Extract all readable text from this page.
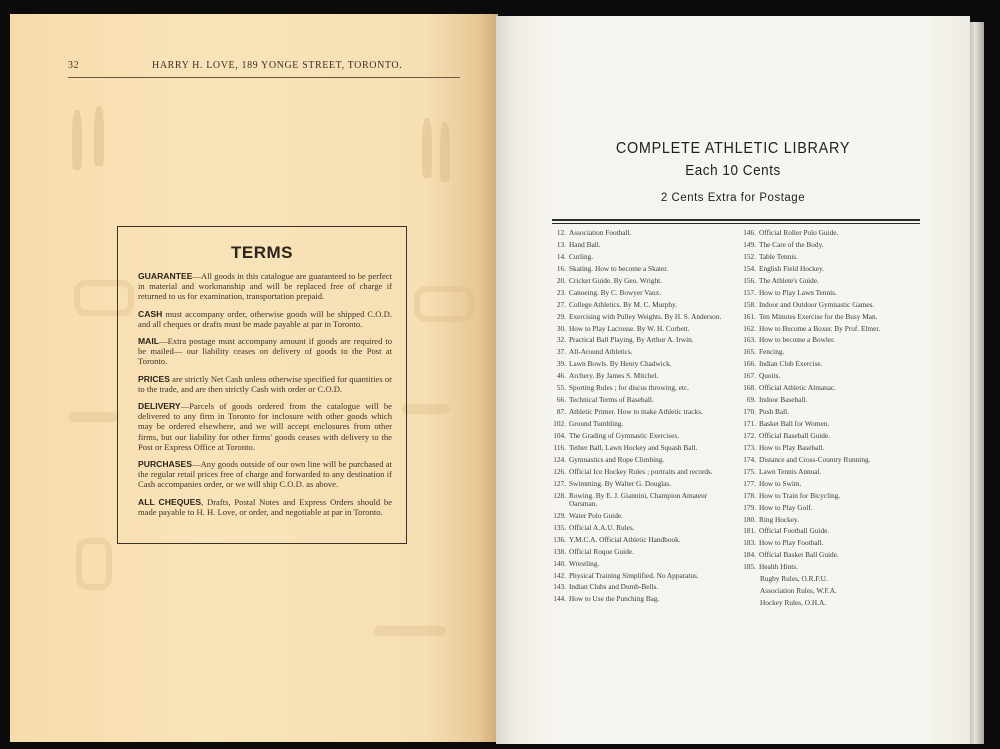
32	HARRY H. LOVE, 189 YONGE STREET, TORONTO.
TERMS
GUARANTEE—All goods in this catalogue are guaranteed to be perfect in material and workmanship and will be replaced free of charge if returned to us for examination, transportation prepaid.
CASH must accompany order, otherwise goods will be shipped C.O.D. and all cheques or drafts must be made payable at par in Toronto.
MAIL—Extra postage must accompany amount if goods are required to be mailed— our liability ceases on delivery of goods to the Post at Toronto.
PRICES are strictly Net Cash unless otherwise specified for quantities or to the trade, and are then strictly Cash with order or C.O.D.
DELIVERY—Parcels of goods ordered from the catalogue will be delivered to any firm in Toronto for inclosure with other goods which may be ordered elsewhere, and we will accept enclosures from other firms, but our liability for other firms' goods ceases with delivery to the Post or Express Office at Toronto.
PURCHASES—Any goods outside of our own line will be purchased at the regular retail prices free of charge and forwarded to any destination if Cash accompanies order, or we will ship C.O.D. as above.
ALL CHEQUES, Drafts, Postal Notes and Express Orders should be made payable to H. H. Love, or order, and negotiable at par in Toronto.
COMPLETE ATHLETIC LIBRARY
Each 10 Cents
2 Cents Extra for Postage
12. Association Football.
13. Hand Ball.
14. Curling.
16. Skating. How to become a Skater.
20. Cricket Guide. By Geo. Wright.
23. Canoeing. By C. Bowyer Vaux.
27. College Athletics. By M. C. Murphy.
29. Exercising with Pulley Weights. By H. S. Anderson.
30. How to Play Lacrosse. By W. H. Corbett.
32. Practical Ball Playing. By Arthur A. Irwin.
37. All-Around Athletics.
39. Lawn Bowls. By Henry Chadwick.
46. Archery. By James S. Mitchel.
55. Sporting Rules ; for discus throwing, etc.
66. Technical Terms of Baseball.
87. Athletic Primer. How to make Athletic tracks.
102. Ground Tumbling.
104. The Grading of Gymnastic Exercises.
116. Tether Ball, Lawn Hockey and Squash Ball.
124. Gymnastics and Rope Climbing.
126. Official Ice Hockey Rules ; portraits and records.
127. Swimming. By Walter G. Douglas.
128. Rowing. By E. J. Giannini, Champion Amateur Oarsman.
129. Water Polo Guide.
135. Official A.A.U. Rules.
136. Y.M.C.A. Official Athletic Handbook.
138. Official Roque Guide.
140. Wrestling.
142. Physical Training Simplified. No Apparatus.
143. Indian Clubs and Dumb-Bells.
144. How to Use the Punching Bag.
146. Official Roller Polo Guide.
149. The Care of the Body.
152. Table Tennis.
154. English Field Hockey.
156. The Athlete's Guide.
157. How to Play Lawn Tennis.
158. Indoor and Outdoor Gymnastic Games.
161. Ten Minutes Exercise for the Busy Man.
162. How to Become a Boxer. By Prof. Elmer.
163. How to become a Bowler.
165. Fencing.
166. Indian Club Exercise.
167. Quoits.
168. Official Athletic Almanac.
69. Indoor Baseball.
170. Push Ball.
171. Basket Ball for Women.
172. Official Baseball Guide.
173. How to Play Baseball.
174. Distance and Cross-Country Running.
175. Lawn Tennis Annual.
177. How to Swim.
178. How to Train for Bicycling.
179. How to Play Golf.
180. Ring Hockey.
181. Official Football Guide.
183. How to Play Football.
184. Official Basket Ball Guide.
185. Health Hints.
Rugby Rules, O.R.F.U.
Association Rules, W.F.A.
Hockey Rules, O.H.A.
